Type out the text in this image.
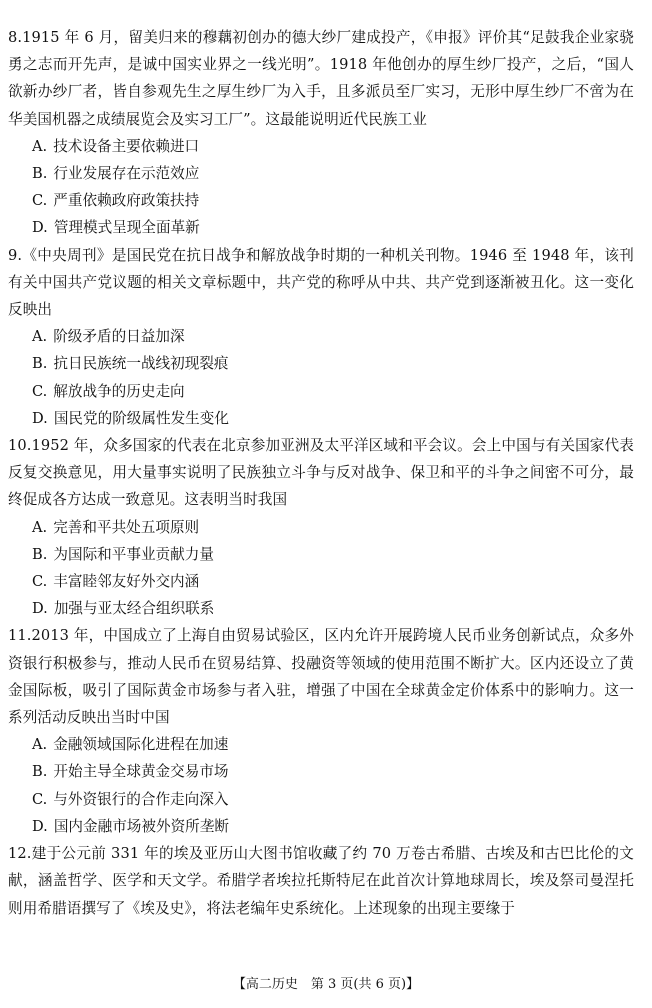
8.1915 年 6 月，留美归来的穆藕初创办的德大纱厂建成投产，《申报》评价其“足鼓我企业家骁勇之志而开先声，是诚中国实业界之一线光明”。1918 年他创办的厚生纱厂投产，之后，“国人欲新办纱厂者，皆自参观先生之厚生纱厂为入手，且多派员至厂实习，无形中厚生纱厂不啻为在华美国机器之成绩展览会及实习工厂”。这最能说明近代民族工业

A. 技术设备主要依赖进口
B. 行业发展存在示范效应
C. 严重依赖政府政策扶持
D. 管理模式呈现全面革新

9.《中央周刊》是国民党在抗日战争和解放战争时期的一种机关刊物。1946 至 1948 年，该刊有关中国共产党议题的相关文章标题中，共产党的称呼从中共、共产党到逐渐被丑化。这一变化反映出

A. 阶级矛盾的日益加深
B. 抗日民族统一战线初现裂痕
C. 解放战争的历史走向
D. 国民党的阶级属性发生变化

10.1952 年，众多国家的代表在北京参加亚洲及太平洋区域和平会议。会上中国与有关国家代表反复交换意见，用大量事实说明了民族独立斗争与反对战争、保卫和平的斗争之间密不可分，最终促成各方达成一致意见。这表明当时我国

A. 完善和平共处五项原则
B. 为国际和平事业贡献力量
C. 丰富睦邻友好外交内涵
D. 加强与亚太经合组织联系

11.2013 年，中国成立了上海自由贸易试验区，区内允许开展跨境人民币业务创新试点，众多外资银行积极参与，推动人民币在贸易结算、投融资等领域的使用范围不断扩大。区内还设立了黄金国际板，吸引了国际黄金市场参与者入驻，增强了中国在全球黄金定价体系中的影响力。这一系列活动反映出当时中国

A. 金融领域国际化进程在加速
B. 开始主导全球黄金交易市场
C. 与外资银行的合作走向深入
D. 国内金融市场被外资所垄断

12.建于公元前 331 年的埃及亚历山大图书馆收藏了约 70 万卷古希腊、古埃及和古巴比伦的文献，涵盖哲学、医学和天文学。希腊学者埃拉托斯特尼在此首次计算地球周长，埃及祭司曼涅托则用希腊语撰写了《埃及史》，将法老编年史系统化。上述现象的出现主要缘于

【高二历史　第 3 页(共 6 页)】
